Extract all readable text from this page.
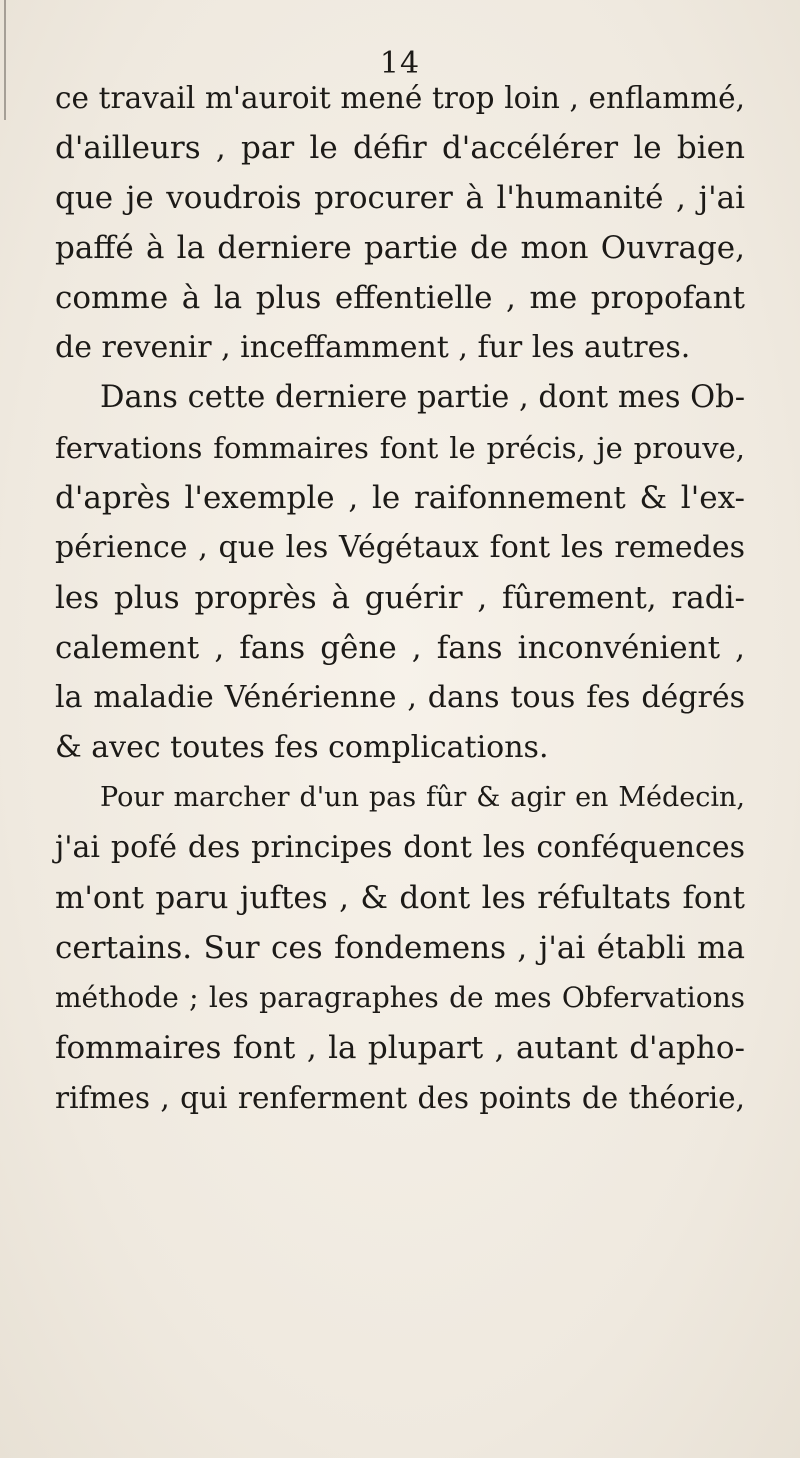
14
ce travail m'auroit mené trop loin , enflammé,
d'ailleurs , par le défir d'accélérer le bien
que je voudrois procurer à l'humanité , j'ai
paffé à la derniere partie de mon Ouvrage,
comme à la plus effentielle , me propofant
de revenir , inceffamment , fur les autres.
Dans cette derniere partie , dont mes Ob-
fervations fommaires font le précis, je prouve,
d'après l'exemple , le raifonnement & l'ex-
périence , que les Végétaux font les remedes
les plus proprès à guérir , fûrement, radi-
calement , fans gêne , fans inconvénient ,
la maladie Vénérienne , dans tous fes dégrés
& avec toutes fes complications.
Pour marcher d'un pas fûr & agir en Médecin,
j'ai pofé des principes dont les conféquences
m'ont paru juftes , & dont les réfultats font
certains. Sur ces fondemens , j'ai établi ma
méthode ; les paragraphes de mes Obfervations
fommaires font , la plupart , autant d'apho-
rifmes , qui renferment des points de théorie,
